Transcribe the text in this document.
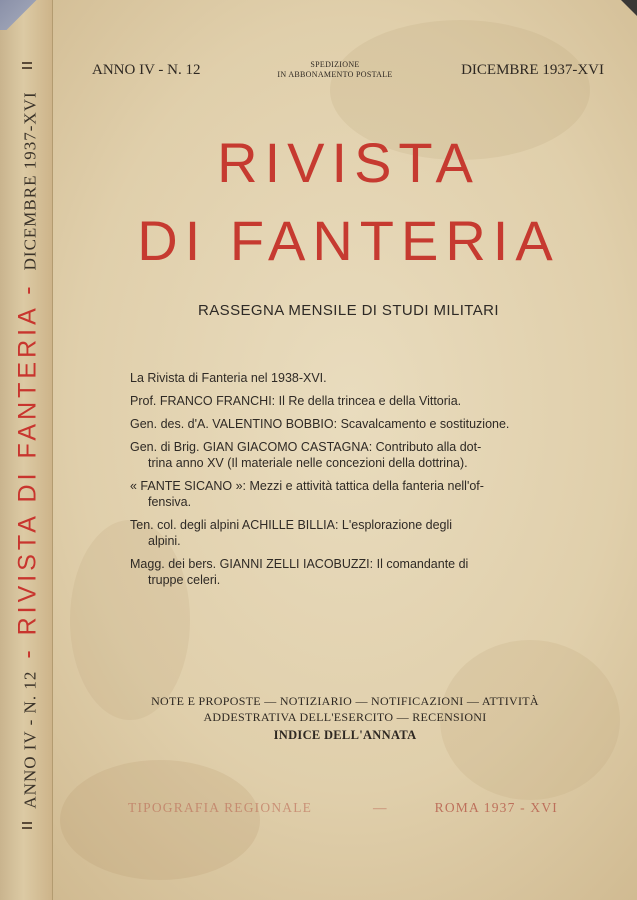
ANNO IV - N. 12
- RIVISTA DI FANTERIA -
DICEMBRE 1937-XVI
ANNO IV - N. 12	SPEDIZIONE
IN ABBONAMENTO POSTALE	DICEMBRE 1937-XVI
RIVISTA
DI FANTERIA
RASSEGNA MENSILE DI STUDI MILITARI
La Rivista di Fanteria nel 1938-XVI.
Prof. FRANCO FRANCHI: Il Re della trincea e della Vittoria.
Gen. des. d'A. VALENTINO BOBBIO: Scavalcamento e sostituzione.
Gen. di Brig. GIAN GIACOMO CASTAGNA: Contributo alla dot-
trina anno XV (Il materiale nelle concezioni della dottrina).
« FANTE SICANO »: Mezzi e attività tattica della fanteria nell'of-
fensiva.
Ten. col. degli alpini ACHILLE BILLIA: L'esplorazione degli
alpini.
Magg. dei bers. GIANNI ZELLI IACOBUZZI: Il comandante di
truppe celeri.
NOTE E PROPOSTE — NOTIZIARIO — NOTIFICAZIONI — ATTIVITÀ
ADDESTRATIVA DELL'ESERCITO — RECENSIONI
INDICE DELL'ANNATA
TIPOGRAFIA REGIONALE	—	ROMA 1937 - XVI
